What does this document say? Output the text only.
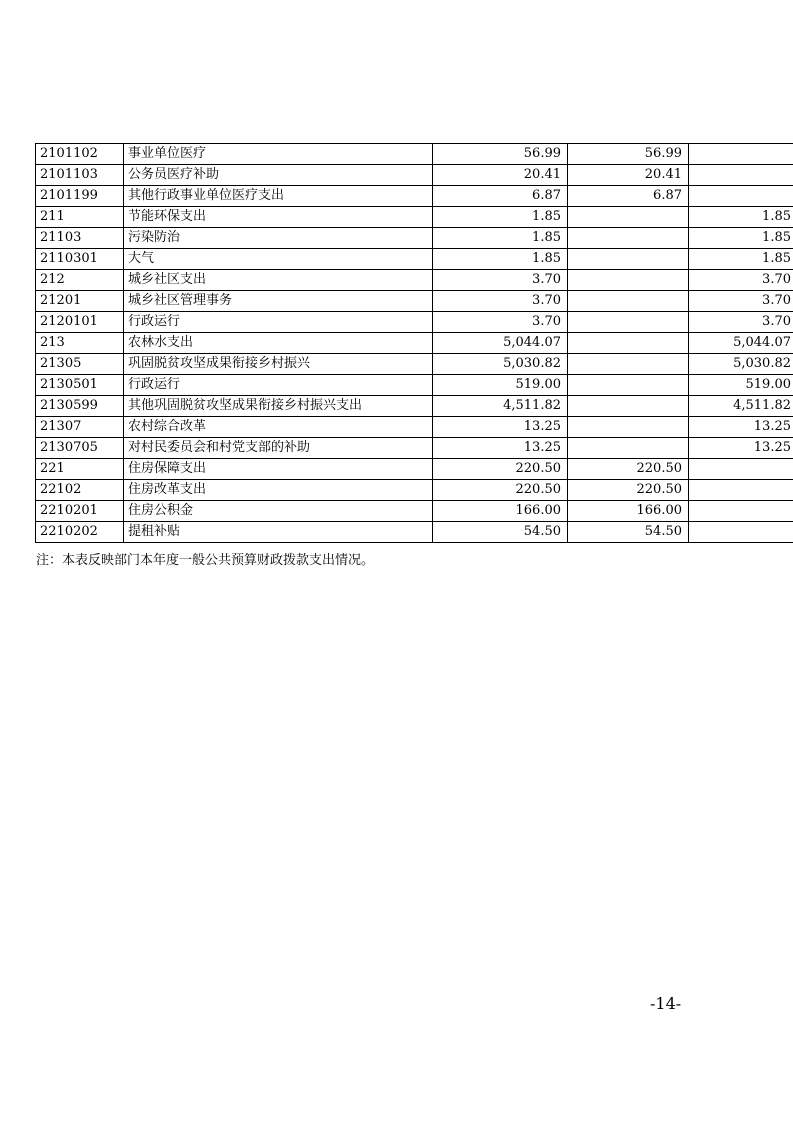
2101102	事业单位医疗	56.99	56.99	
2101103	公务员医疗补助	20.41	20.41	
2101199	其他行政事业单位医疗支出	6.87	6.87	
211	节能环保支出	1.85		1.85
21103	污染防治	1.85		1.85
2110301	大气	1.85		1.85
212	城乡社区支出	3.70		3.70
21201	城乡社区管理事务	3.70		3.70
2120101	行政运行	3.70		3.70
213	农林水支出	5,044.07		5,044.07
21305	巩固脱贫攻坚成果衔接乡村振兴	5,030.82		5,030.82
2130501	行政运行	519.00		519.00
2130599	其他巩固脱贫攻坚成果衔接乡村振兴支出	4,511.82		4,511.82
21307	农村综合改革	13.25		13.25
2130705	对村民委员会和村党支部的补助	13.25		13.25
221	住房保障支出	220.50	220.50	
22102	住房改革支出	220.50	220.50	
2210201	住房公积金	166.00	166.00	
2210202	提租补贴	54.50	54.50	
注：本表反映部门本年度一般公共预算财政拨款支出情况。
-14-
